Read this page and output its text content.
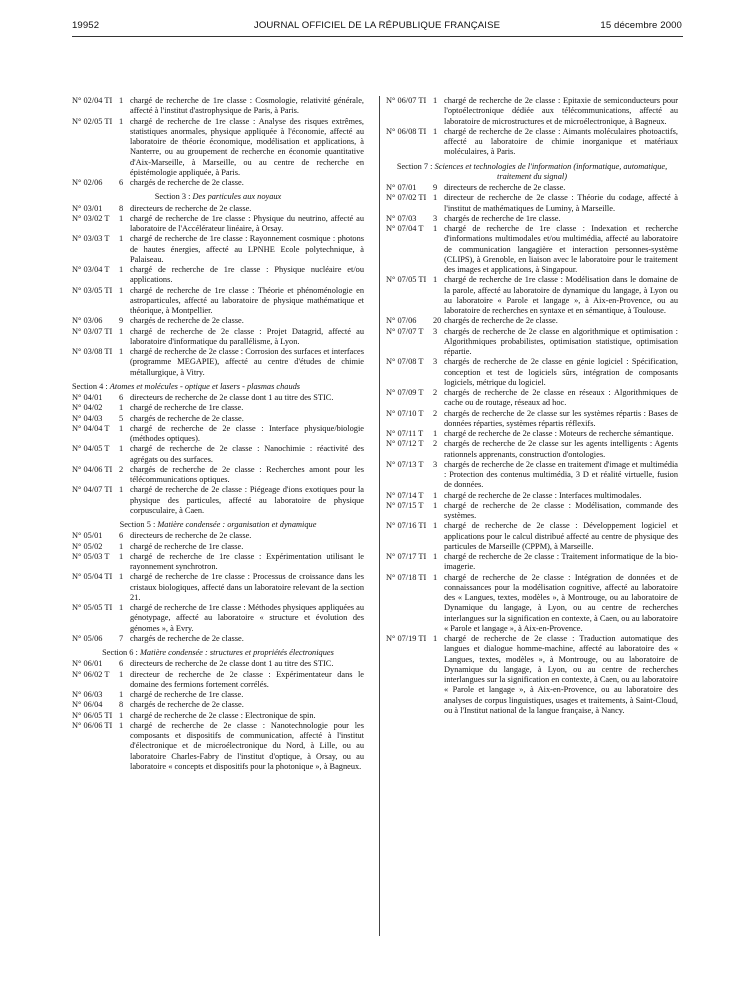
19952	JOURNAL OFFICIEL DE LA RÉPUBLIQUE FRANÇAISE	15 décembre 2000
N° 02/04 TI 1 chargé de recherche de 1re classe : Cosmologie, relativité générale, affecté à l'institut d'astrophysique de Paris, à Paris.
N° 02/05 TI 1 chargé de recherche de 1re classe : Analyse des risques extrêmes, statistiques anormales, physique appliquée à l'économie, affecté au laboratoire de théorie économique, modélisation et applications, à Nanterre, ou au groupement de recherche en économie quantitative d'Aix-Marseille, à Marseille, ou au centre de recherche en épistémologie appliquée, à Paris.
N° 02/06	6 chargés de recherche de 2e classe.
Section 3 : Des particules aux noyaux
N° 03/01	8 directeurs de recherche de 2e classe.
N° 03/02 T	1 chargé de recherche de 1re classe : Physique du neutrino, affecté au laboratoire de l'Accélérateur linéaire, à Orsay.
N° 03/03 T	1 chargé de recherche de 1re classe : Rayonnement cosmique : photons de hautes énergies, affecté au LPNHE Ecole polytechnique, à Palaiseau.
N° 03/04 T	1 chargé de recherche de 1re classe : Physique nucléaire et/ou applications.
N° 03/05 TI 1 chargé de recherche de 1re classe : Théorie et phénoménologie en astroparticules, affecté au laboratoire de physique mathématique et théorique, à Montpellier.
N° 03/06	9 chargés de recherche de 2e classe.
N° 03/07 TI 1 chargé de recherche de 2e classe : Projet Datagrid, affecté au laboratoire d'informatique du parallélisme, à Lyon.
N° 03/08 TI 1 chargé de recherche de 2e classe : Corrosion des surfaces et interfaces (programme MEGAPIE), affecté au centre d'études de chimie métallurgique, à Vitry.
Section 4 : Atomes et molécules - optique et lasers - plasmas chauds
N° 04/01	6 directeurs de recherche de 2e classe dont 1 au titre des STIC.
N° 04/02	1 chargé de recherche de 1re classe.
N° 04/03	5 chargés de recherche de 2e classe.
N° 04/04 T	1 chargé de recherche de 2e classe : Interface physique/biologie (méthodes optiques).
N° 04/05 T	1 chargé de recherche de 2e classe : Nanochimie : réactivité des agrégats ou des surfaces.
N° 04/06 TI 2 chargés de recherche de 2e classe : Recherches amont pour les télécommunications optiques.
N° 04/07 TI 1 chargé de recherche de 2e classe : Piégeage d'ions exotiques pour la physique des particules, affecté au laboratoire de physique corpusculaire, à Caen.
Section 5 : Matière condensée : organisation et dynamique
N° 05/01	6 directeurs de recherche de 2e classe.
N° 05/02	1 chargé de recherche de 1re classe.
N° 05/03 T	1 chargé de recherche de 1re classe : Expérimentation utilisant le rayonnement synchrotron.
N° 05/04 TI 1 chargé de recherche de 1re classe : Processus de croissance dans les cristaux biologiques, affecté dans un laboratoire relevant de la section 21.
N° 05/05 TI 1 chargé de recherche de 1re classe : Méthodes physiques appliquées au génotypage, affecté au laboratoire « structure et évolution des génomes », à Evry.
N° 05/06	7 chargés de recherche de 2e classe.
Section 6 : Matière condensée : structures et propriétés électroniques
N° 06/01	6 directeurs de recherche de 2e classe dont 1 au titre des STIC.
N° 06/02 T	1 directeur de recherche de 2e classe : Expérimentateur dans le domaine des fermions fortement corrélés.
N° 06/03	1 chargé de recherche de 1re classe.
N° 06/04	8 chargés de recherche de 2e classe.
N° 06/05 TI 1 chargé de recherche de 2e classe : Electronique de spin.
N° 06/06 TI 1 chargé de recherche de 2e classe : Nanotechnologie pour les composants et dispositifs de communication, affecté à l'institut d'électronique et de microélectronique du Nord, à Lille, ou au laboratoire Charles-Fabry de l'institut d'optique, à Orsay, ou au laboratoire « concepts et dispositifs pour la photonique », à Bagneux.
N° 06/07 TI 1 chargé de recherche de 2e classe : Epitaxie de semiconducteurs pour l'optoélectronique dédiée aux télécommunications, affecté au laboratoire de microstructures et de microélectronique, à Bagneux.
N° 06/08 TI 1 chargé de recherche de 2e classe : Aimants moléculaires photoactifs, affecté au laboratoire de chimie inorganique et matériaux moléculaires, à Paris.
Section 7 : Sciences et technologies de l'information (informatique, automatique, traitement du signal)
N° 07/01	9 directeurs de recherche de 2e classe.
N° 07/02 TI 1 directeur de recherche de 2e classe : Théorie du codage, affecté à l'institut de mathématiques de Luminy, à Marseille.
N° 07/03	3 chargés de recherche de 1re classe.
N° 07/04 T	1 chargé de recherche de 1re classe : Indexation et recherche d'informations multimodales et/ou multimédia, affecté au laboratoire de communication langagière et interaction personnes-système (CLIPS), à Grenoble, en liaison avec le laboratoire pour le traitement des images et applications, à Singapour.
N° 07/05 TI 1 chargé de recherche de 1re classe : Modélisation dans le domaine de la parole, affecté au laboratoire de dynamique du langage, à Lyon ou au laboratoire « Parole et langage », à Aix-en-Provence, ou au laboratoire de recherches en syntaxe et en sémantique, à Toulouse.
N° 07/06	20 chargés de recherche de 2e classe.
N° 07/07 T	3 chargés de recherche de 2e classe en algorithmique et optimisation : Algorithmiques probabilistes, optimisation statistique, optimisation répartie.
N° 07/08 T	3 chargés de recherche de 2e classe en génie logiciel : Spécification, conception et test de logiciels sûrs, intégration de composants logiciels, métrique du logiciel.
N° 07/09 T	2 chargés de recherche de 2e classe en réseaux : Algorithmiques de cache ou de routage, réseaux ad hoc.
N° 07/10 T	2 chargés de recherche de 2e classe sur les systèmes répartis : Bases de données réparties, systèmes répartis réflexifs.
N° 07/11 T	1 chargé de recherche de 2e classe : Moteurs de recherche sémantique.
N° 07/12 T	2 chargés de recherche de 2e classe sur les agents intelligents : Agents rationnels apprenants, construction d'ontologies.
N° 07/13 T	3 chargés de recherche de 2e classe en traitement d'image et multimédia : Protection des contenus multimédia, 3 D et réalité virtuelle, fusion de données.
N° 07/14 T	1 chargé de recherche de 2e classe : Interfaces multimodales.
N° 07/15 T	1 chargé de recherche de 2e classe : Modélisation, commande des systèmes.
N° 07/16 TI 1 chargé de recherche de 2e classe : Développement logiciel et applications pour le calcul distribué affecté au centre de physique des particules de Marseille (CPPM), à Marseille.
N° 07/17 TI 1 chargé de recherche de 2e classe : Traitement informatique de la bio-imagerie.
N° 07/18 TI 1 chargé de recherche de 2e classe : Intégration de données et de connaissances pour la modélisation cognitive, affecté au laboratoire des « Langues, textes, modèles », à Montrouge, ou au laboratoire de Dynamique du langage, à Lyon, ou au centre de recherches interlangues sur la signification en contexte, à Caen, ou au laboratoire « Parole et langage », à Aix-en-Provence.
N° 07/19 TI 1 chargé de recherche de 2e classe : Traduction automatique des langues et dialogue homme-machine, affecté au laboratoire des « Langues, textes, modèles », à Montrouge, ou au laboratoire de Dynamique du langage, à Lyon, ou au centre de recherches interlangues sur la signification en contexte, à Caen, ou au laboratoire « Parole et langage », à Aix-en-Provence, ou au laboratoire des analyses de corpus linguistiques, usages et traitements, à Saint-Cloud, ou à l'Institut national de la langue française, à Nancy.
